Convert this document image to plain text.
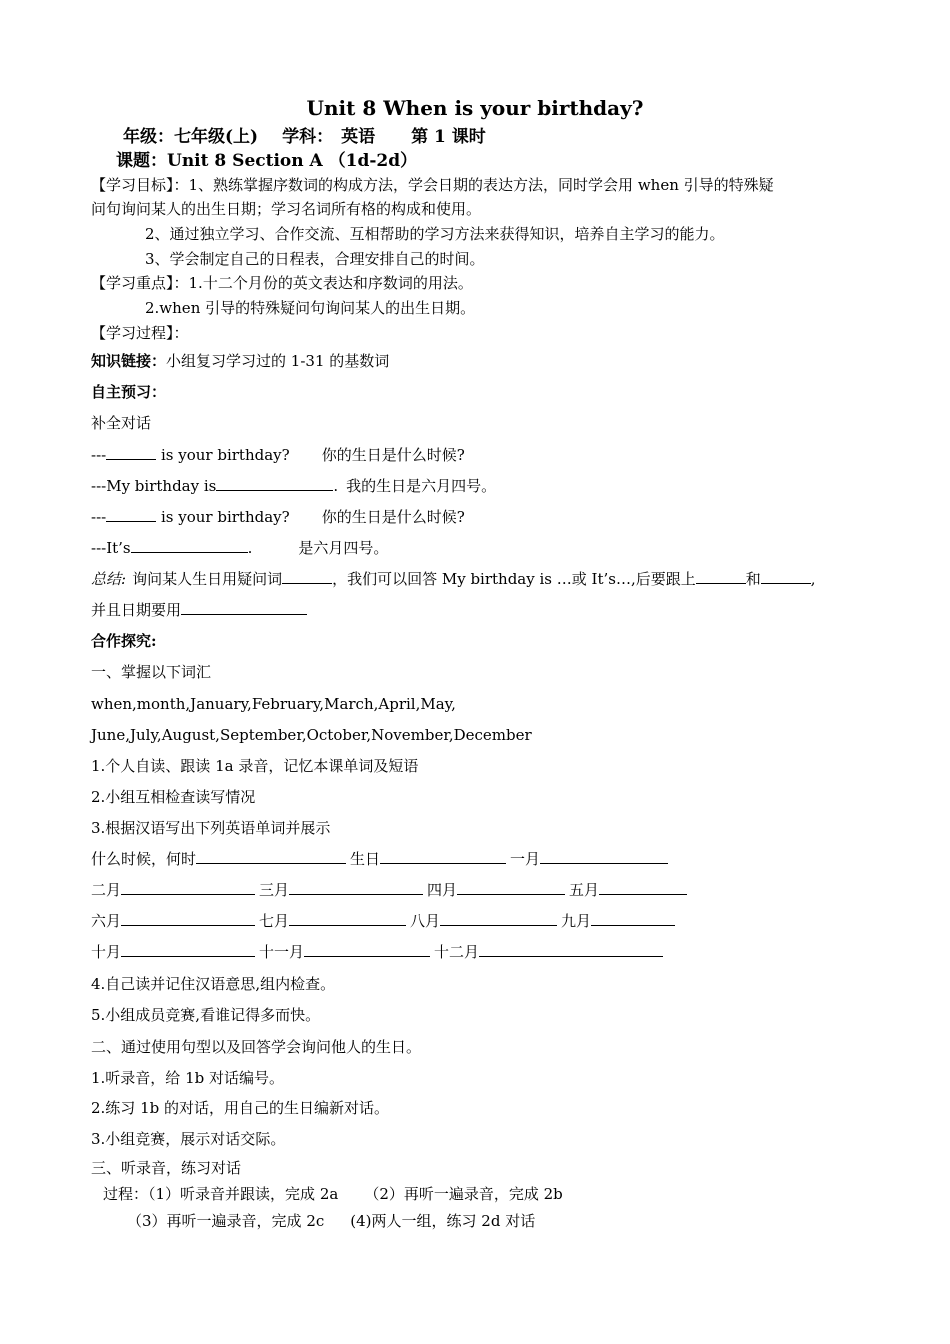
Unit 8 When is your birthday?
年级：七年级(上) 学科： 英语 第 1 课时
课题：Unit 8 Section A （1d-2d）
【学习目标】：1、熟练掌握序数词的构成方法，学会日期的表达方法，同时学会用 when 引导的特殊疑
问句询问某人的出生日期；学习名词所有格的构成和使用。
2、通过独立学习、合作交流、互相帮助的学习方法来获得知识，培养自主学习的能力。
3、学会制定自己的日程表，合理安排自己的时间。
【学习重点】：1.十二个月份的英文表达和序数词的用法。
2.when 引导的特殊疑问句询问某人的出生日期。
【学习过程】：
知识链接：小组复习学习过的 1-31 的基数词
自主预习：
补全对话
---	is your birthday? 你的生日是什么时候?
---My birthday is	. 我的生日是六月四号。
---	is your birthday? 你的生日是什么时候?
---It’s	.	是六月四号。
总结: 询问某人生日用疑问词	，我们可以回答 My birthday is …或 It’s…,后要跟上	和	,
并且日期要用
合作探究:
一、掌握以下词汇
when,month,January,February,March,April,May,
June,July,August,September,October,November,December
1.个人自读、跟读 1a 录音，记忆本课单词及短语
2.小组互相检查读写情况
3.根据汉语写出下列英语单词并展示
什么时候，何时	生日	一月
二月	三月	四月	五月
六月	七月	八月	九月
十月	十一月	十二月
4.自己读并记住汉语意思,组内检查。
5.小组成员竞赛,看谁记得多而快。
二、通过使用句型以及回答学会询问他人的生日。
1.听录音，给 1b 对话编号。
2.练习 1b 的对话，用自己的生日编新对话。
3.小组竞赛，展示对话交际。
三、听录音，练习对话
过程：（1）听录音并跟读，完成 2a （2）再听一遍录音，完成 2b
（3）再听一遍录音，完成 2c (4)两人一组，练习 2d 对话
